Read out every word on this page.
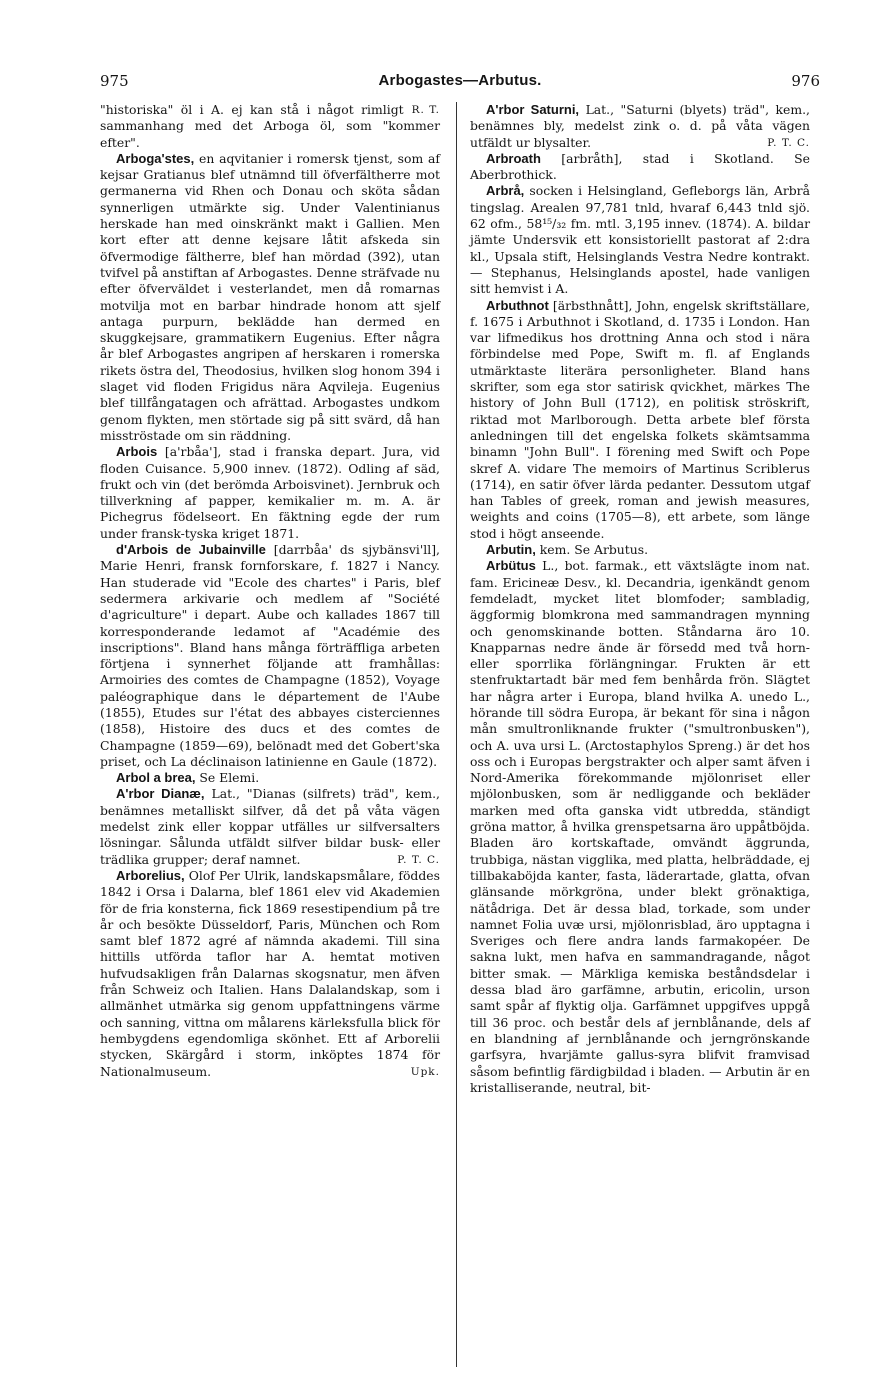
975	Arbogastes—Arbutus.	976

R. T.
"historiska" öl i A. ej kan stå i något rimligt sammanhang med det Arboga öl, som "kommer efter".

Arboga'stes, en aqvitanier i romersk tjenst, som af kejsar Gratianus blef utnämnd till öfverfältherre mot germanerna vid Rhen och Donau och sköta sådan synnerligen utmärkte sig. Under Valentinianus herskade han med oinskränkt makt i Gallien. Men kort efter att denne kejsare låtit afskeda sin öfvermodige fältherre, blef han mördad (392), utan tvifvel på anstiftan af Arbogastes. Denne sträfvade nu efter öfverväldet i vesterlandet, men då romarnas motvilja mot en barbar hindrade honom att sjelf antaga purpurn, beklädde han dermed en skuggkejsare, grammatikern Eugenius. Efter några år blef Arbogastes angripen af herskaren i romerska rikets östra del, Theodosius, hvilken slog honom 394 i slaget vid floden Frigidus nära Aqvileja. Eugenius blef tillfångatagen och afrättad. Arbogastes undkom genom flykten, men störtade sig på sitt svärd, då han misströstade om sin räddning.

Arbois [a'rbåa'], stad i franska depart. Jura, vid floden Cuisance. 5,900 innev. (1872). Odling af säd, frukt och vin (det berömda Arboisvinet). Jernbruk och tillverkning af papper, kemikalier m. m. A. är Pichegrus födelseort. En fäktning egde der rum under fransk-tyska kriget 1871.

d'Arbois de Jubainville [darrbåa' ds sjybänsvi'll], Marie Henri, fransk fornforskare, f. 1827 i Nancy. Han studerade vid "Ecole des chartes" i Paris, blef sedermera arkivarie och medlem af "Société d'agriculture" i depart. Aube och kallades 1867 till korresponderande ledamot af "Académie des inscriptions". Bland hans många förträffliga arbeten förtjena i synnerhet följande att framhållas: Armoiries des comtes de Champagne (1852), Voyage paléographique dans le département de l'Aube (1855), Etudes sur l'état des abbayes cisterciennes (1858), Histoire des ducs et des comtes de Champagne (1859—69), belönadt med det Gobert'ska priset, och La déclinaison latinienne en Gaule (1872).

Arbol a brea, Se Elemi.

A'rbor Dianæ, Lat., "Dianas (silfrets) träd", kem., benämnes metalliskt silfver, då det på våta vägen medelst zink eller koppar utfälles ur silfversalters lösningar. Sålunda utfäldt silfver bildar busk- eller trädlika grupper; deraf namnet.	P. T. C.

Arborelius, Olof Per Ulrik, landskapsmålare, föddes 1842 i Orsa i Dalarna, blef 1861 elev vid Akademien för de fria konsterna, fick 1869 resestipendium på tre år och besökte Düsseldorf, Paris, München och Rom samt blef 1872 agré af nämnda akademi. Till sina hittills utförda taflor har A. hemtat motiven hufvudsakligen från Dalarnas skogsnatur, men äfven från Schweiz och Italien. Hans Dalalandskap, som i allmänhet utmärka sig genom uppfattningens värme och sanning, vittna om målarens kärleksfulla blick för hembygdens egendomliga skönhet. Ett af Arborelii stycken, Skärgård i storm, inköptes 1874 för Nationalmuseum.	Upk.

A'rbor Saturni, Lat., "Saturni (blyets) träd", kem., benämnes bly, medelst zink o. d. på våta vägen utfäldt ur blysalter.	P. T. C.

Arbroath [arbråth], stad i Skotland. Se Aberbrothick.

Arbrå, socken i Helsingland, Gefleborgs län, Arbrå tingslag. Arealen 97,781 tnld, hvaraf 6,443 tnld sjö. 62 ofm., 58¹⁵/₃₂ fm. mtl. 3,195 innev. (1874). A. bildar jämte Undersvik ett konsistoriellt pastorat af 2:dra kl., Upsala stift, Helsinglands Vestra Nedre kontrakt. — Stephanus, Helsinglands apostel, hade vanligen sitt hemvist i A.

Arbuthnot [ärbsthnått], John, engelsk skriftställare, f. 1675 i Arbuthnot i Skotland, d. 1735 i London. Han var lifmedikus hos drottning Anna och stod i nära förbindelse med Pope, Swift m. fl. af Englands utmärktaste literära personligheter. Bland hans skrifter, som ega stor satirisk qvickhet, märkes The history of John Bull (1712), en politisk ströskrift, riktad mot Marlborough. Detta arbete blef första anledningen till det engelska folkets skämtsamma binamn "John Bull". I förening med Swift och Pope skref A. vidare The memoirs of Martinus Scriblerus (1714), en satir öfver lärda pedanter. Dessutom utgaf han Tables of greek, roman and jewish measures, weights and coins (1705—8), ett arbete, som länge stod i högt anseende.

Arbutin, kem. Se Arbutus.

Arbütus L., bot. farmak., ett växtslägte inom nat. fam. Ericineæ Desv., kl. Decandria, igenkändt genom femdeladt, mycket litet blomfoder; sambladig, äggformig blomkrona med sammandragen mynning och genomskinande botten. Ståndarna äro 10. Knapparnas nedre ände är försedd med två horn- eller sporrlika förlängningar. Frukten är ett stenfruktartadt bär med fem benhårda frön. Slägtet har några arter i Europa, bland hvilka A. unedo L., hörande till södra Europa, är bekant för sina i någon mån smultronliknande frukter ("smultronbusken"), och A. uva ursi L. (Arctostaphylos Spreng.) är det hos oss och i Europas bergstrakter och alper samt äfven i Nord-Amerika förekommande mjölonriset eller mjölonbusken, som är nedliggande och bekläder marken med ofta ganska vidt utbredda, ständigt gröna mattor, å hvilka grenspetsarna äro uppåtböjda. Bladen äro kortskaftade, omvändt äggrunda, trubbiga, nästan vigglika, med platta, helbräddade, ej tillbakaböjda kanter, fasta, läderartade, glatta, ofvan glänsande mörkgröna, under blekt grönaktiga, nätådriga. Det är dessa blad, torkade, som under namnet Folia uvæ ursi, mjölonrisblad, äro upptagna i Sveriges och flere andra lands farmakopéer. De sakna lukt, men hafva en sammandragande, något bitter smak. — Märkliga kemiska beståndsdelar i dessa blad äro garfämne, arbutin, ericolin, urson samt spår af flyktig olja. Garfämnet uppgifves uppgå till 36 proc. och består dels af jernblånande, dels af en blandning af jernblånande och jerngrönskande garfsyra, hvarjämte gallus-syra blifvit framvisad såsom befintlig färdigbildad i bladen. — Arbutin är en kristalliserande, neutral, bit-
